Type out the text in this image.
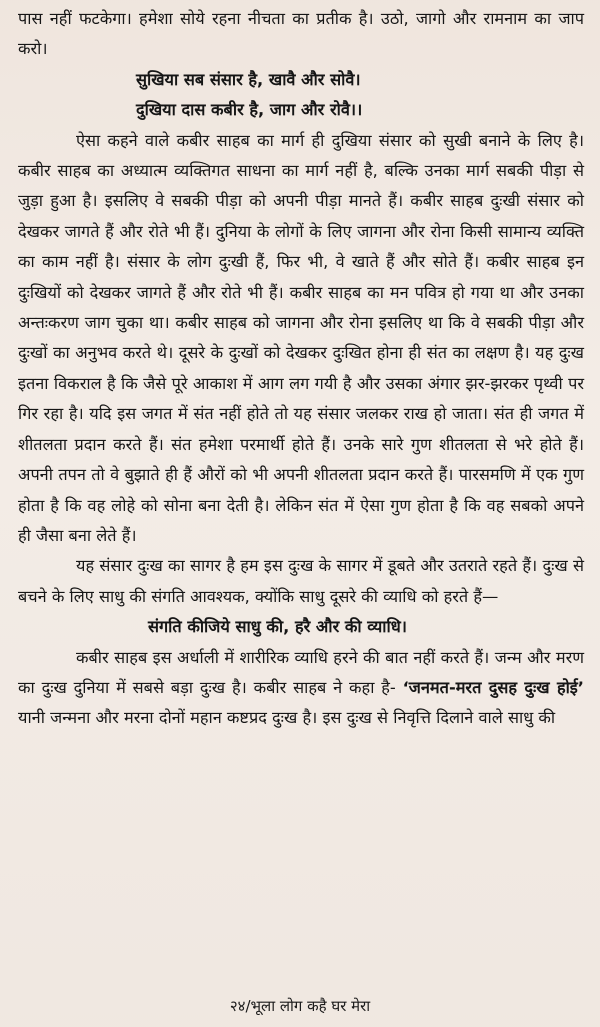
पास नहीं फटकेगा। हमेशा सोये रहना नीचता का प्रतीक है। उठो, जागो और रामनाम का जाप करो।

सुखिया सब संसार है, खावै और सोवै।

दुखिया दास कबीर है, जाग और रोवै।।

ऐसा कहने वाले कबीर साहब का मार्ग ही दुखिया संसार को सुखी बनाने के लिए है। कबीर साहब का अध्यात्म व्यक्तिगत साधना का मार्ग नहीं है, बल्कि उनका मार्ग सबकी पीड़ा से जुड़ा हुआ है। इसलिए वे सबकी पीड़ा को अपनी पीड़ा मानते हैं। कबीर साहब दुःखी संसार को देखकर जागते हैं और रोते भी हैं। दुनिया के लोगों के लिए जागना और रोना किसी सामान्य व्यक्ति का काम नहीं है। संसार के लोग दुःखी हैं, फिर भी, वे खाते हैं और सोते हैं। कबीर साहब इन दुःखियों को देखकर जागते हैं और रोते भी हैं। कबीर साहब का मन पवित्र हो गया था और उनका अन्तःकरण जाग चुका था। कबीर साहब को जागना और रोना इसलिए था कि वे सबकी पीड़ा और दुःखों का अनुभव करते थे। दूसरे के दुःखों को देखकर दुःखित होना ही संत का लक्षण है। यह दुःख इतना विकराल है कि जैसे पूरे आकाश में आग लग गयी है और उसका अंगार झर-झरकर पृथ्वी पर गिर रहा है। यदि इस जगत में संत नहीं होते तो यह संसार जलकर राख हो जाता। संत ही जगत में शीतलता प्रदान करते हैं। संत हमेशा परमार्थी होते हैं। उनके सारे गुण शीतलता से भरे होते हैं। अपनी तपन तो वे बुझाते ही हैं औरों को भी अपनी शीतलता प्रदान करते हैं। पारसमणि में एक गुण होता है कि वह लोहे को सोना बना देती है। लेकिन संत में ऐसा गुण होता है कि वह सबको अपने ही जैसा बना लेते हैं।

यह संसार दुःख का सागर है हम इस दुःख के सागर में डूबते और उतराते रहते हैं। दुःख से बचने के लिए साधु की संगति आवश्यक, क्योंकि साधु दूसरे की व्याधि को हरते हैं—

संगति कीजिये साधु की, हरै और की व्याधि।

कबीर साहब इस अर्धाली में शारीरिक व्याधि हरने की बात नहीं करते हैं। जन्म और मरण का दुःख दुनिया में सबसे बड़ा दुःख है। कबीर साहब ने कहा है- ‘जनमत-मरत दुसह दुःख होई’ यानी जन्मना और मरना दोनों महान कष्टप्रद दुःख है। इस दुःख से निवृत्ति दिलाने वाले साधु की

२४/भूला लोग कहै घर मेरा
